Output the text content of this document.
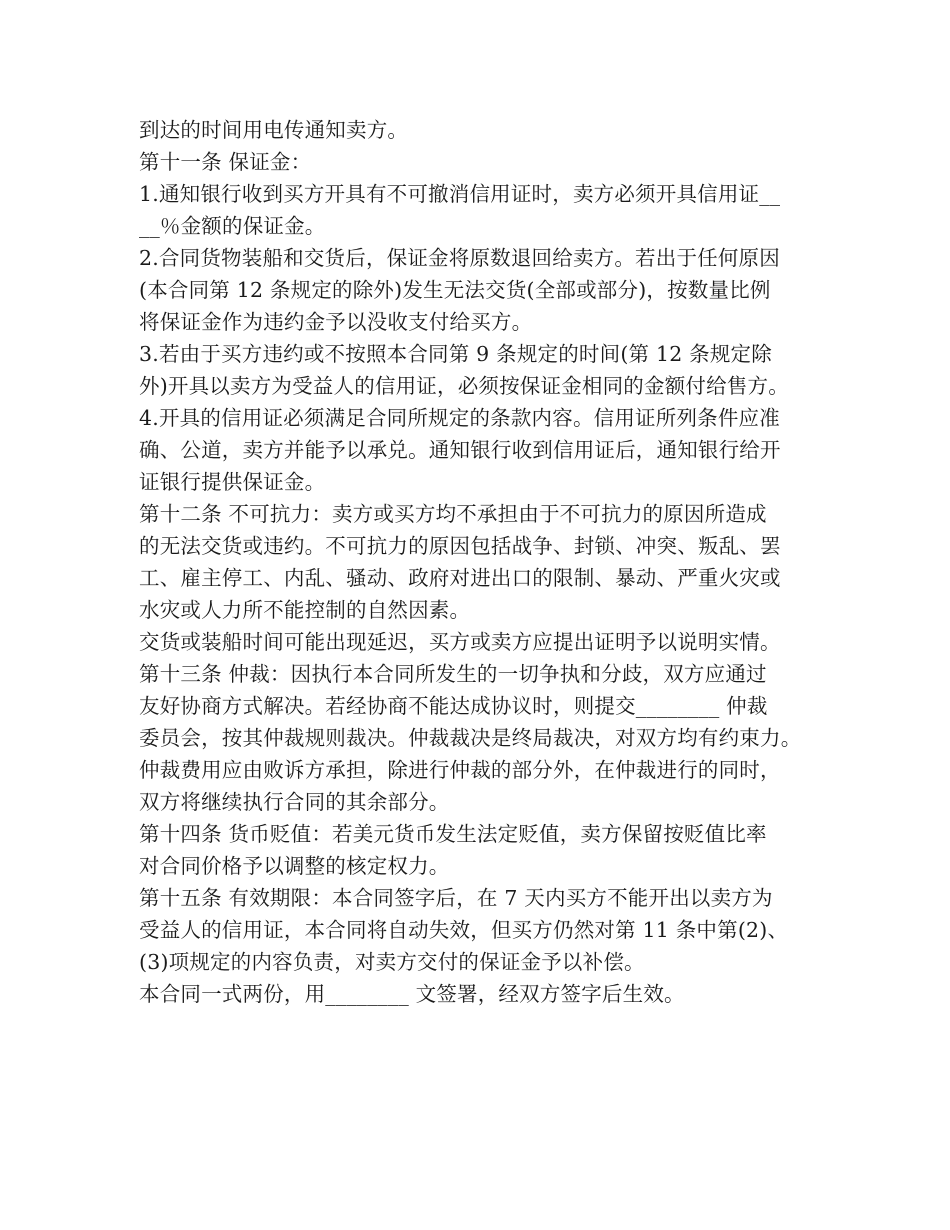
到达的时间用电传通知卖方。
第十一条 保证金：
1.通知银行收到买方开具有不可撤消信用证时，卖方必须开具信用证__
__％金额的保证金。
2.合同货物装船和交货后，保证金将原数退回给卖方。若出于任何原因
(本合同第 12 条规定的除外)发生无法交货(全部或部分)，按数量比例
将保证金作为违约金予以没收支付给买方。
3.若由于买方违约或不按照本合同第 9 条规定的时间(第 12 条规定除
外)开具以卖方为受益人的信用证，必须按保证金相同的金额付给售方。
4.开具的信用证必须满足合同所规定的条款内容。信用证所列条件应准
确、公道，卖方并能予以承兑。通知银行收到信用证后，通知银行给开
证银行提供保证金。
第十二条 不可抗力：卖方或买方均不承担由于不可抗力的原因所造成
的无法交货或违约。不可抗力的原因包括战争、封锁、冲突、叛乱、罢
工、雇主停工、内乱、骚动、政府对进出口的限制、暴动、严重火灾或
水灾或人力所不能控制的自然因素。
交货或装船时间可能出现延迟，买方或卖方应提出证明予以说明实情。
第十三条 仲裁：因执行本合同所发生的一切争执和分歧，双方应通过
友好协商方式解决。若经协商不能达成协议时，则提交________ 仲裁
委员会，按其仲裁规则裁决。仲裁裁决是终局裁决，对双方均有约束力。
仲裁费用应由败诉方承担，除进行仲裁的部分外，在仲裁进行的同时，
双方将继续执行合同的其余部分。
第十四条 货币贬值：若美元货币发生法定贬值，卖方保留按贬值比率
对合同价格予以调整的核定权力。
第十五条 有效期限：本合同签字后，在 7 天内买方不能开出以卖方为
受益人的信用证，本合同将自动失效，但买方仍然对第 11 条中第(2)、
(3)项规定的内容负责，对卖方交付的保证金予以补偿。
本合同一式两份，用________ 文签署，经双方签字后生效。
